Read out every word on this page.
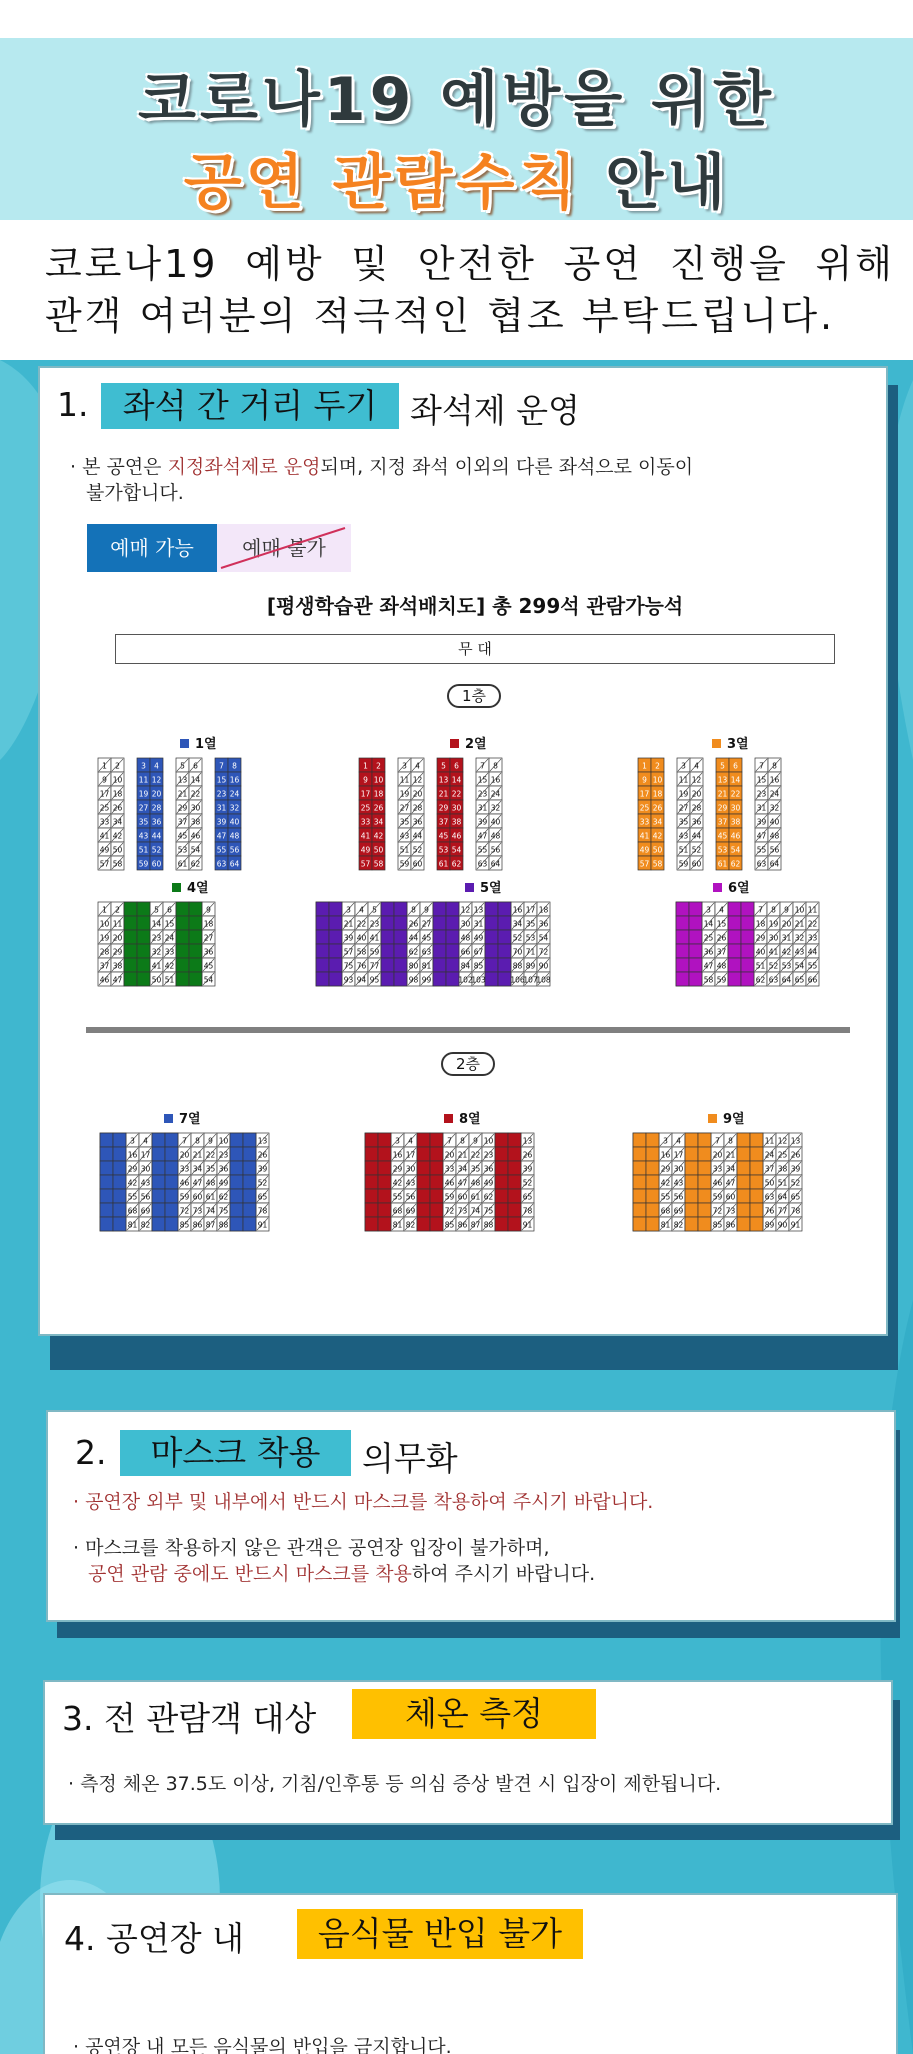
코로나19 예방을 위한
공연 관람수칙 안내
코로나19 예방 및 안전한 공연 진행을 위해
관객 여러분의 적극적인 협조 부탁드립니다.
1.	좌석 간 거리 두기 좌석제 운영
· 본 공연은 지정좌석제로 운영되며, 지정 좌석 이외의 다른 좌석으로 이동이
불가합니다.
예매 가능
[평생학습관 좌석배치도] 총 299석 관람가능석
무 대
1층
2층
1열
1 2	3 4	5 6	7 8
9 10 11 12 13 14 15 16
17 18 19 20 21 22 23 24
25 26 27 28 29 30 31 32
33 34 35 36 37 38 39 40
41 42 43 44 45 46 47 48
49 50 51 52 53 54 55 56
57 58 59 60 61 62 63 64
2열
1 2	3 4	5 6	7 8
9 10 11 12 13 14 15 16
17 18 19 20 21 22 23 24
25 26 27 28 29 30 31 32
33 34 35 36 37 38 39 40
41 42 43 44 45 46 47 48
49 50 51 52 53 54 55 56
57 58 59 60 61 62 63 64
3열
1 2	3 4	5 6	7 8
9 10 11 12 13 14 15 16
17 18 19 20 21 22 23 24
25 26 27 28 29 30 31 32
33 34 35 36 37 38 39 40
41 42 43 44 45 46 47 48
49 50 51 52 53 54 55 56
57 58 59 60 61 62 63 64
4열
1 2	5 6	9
10 11	14 15	18
19 20	23 24	27
28 29	32 33	36
37 38	41 42	45
46 47	50 51	54
5열
3 4 5	8 9	12 13	16 17 18
21 22 23	26 27	30 31	34 35 36
39 40 41	44 45	48 49	52 53 54
57 58 59	62 63	66 67	70 71 72
75 76 77	80 81	84 85	88 89 90
93 94 95	98 99	102
103	106
107
108
6열
3 4	7 8 9 10 11
14 15	18 19 20 21 22
25 26	29 30 31 32 33
36 37	40 41 42 43 44
47 48	51 52 53 54 55
58 59	62 63 64 65 66
7열
3 4	7 8 9 10	13
16 17	20 21 22 23	26
29 30	33 34 35 36	39
42 43	46 47 48 49	52
55 56	59 60 61 62	65
68 69	72 73 74 75	78
81 82	85 86 87 88	91
8열
3 4	7 8 9 10	13
16 17	20 21 22 23	26
29 30	33 34 35 36	39
42 43	46 47 48 49	52
55 56	59 60 61 62	65
68 69	72 73 74 75	78
81 82	85 86 87 88	91
9열
3 4	7 8	11 12 13
16 17	20 21	24 25 26
29 30	33 34	37 38 39
42 43	46 47	50 51 52
55 56	59 60	63 64 65
68 69	72 73	76 77 78
81 82	85 86	89 90 91
2.	마스크 착용	의무화
· 공연장 외부 및 내부에서 반드시 마스크를 착용하여 주시기 바랍니다.
· 마스크를 착용하지 않은 관객은 공연장 입장이 불가하며,
공연 관람 중에도 반드시 마스크를 착용하여 주시기 바랍니다.
3. 전 관람객 대상	체온 측정
· 측정 체온 37.5도 이상, 기침/인후통 등 의심 증상 발견 시 입장이 제한됩니다.
4. 공연장 내	음식물 반입 불가
· 공연장 내 모든 음식물의 반입을 금지합니다.
